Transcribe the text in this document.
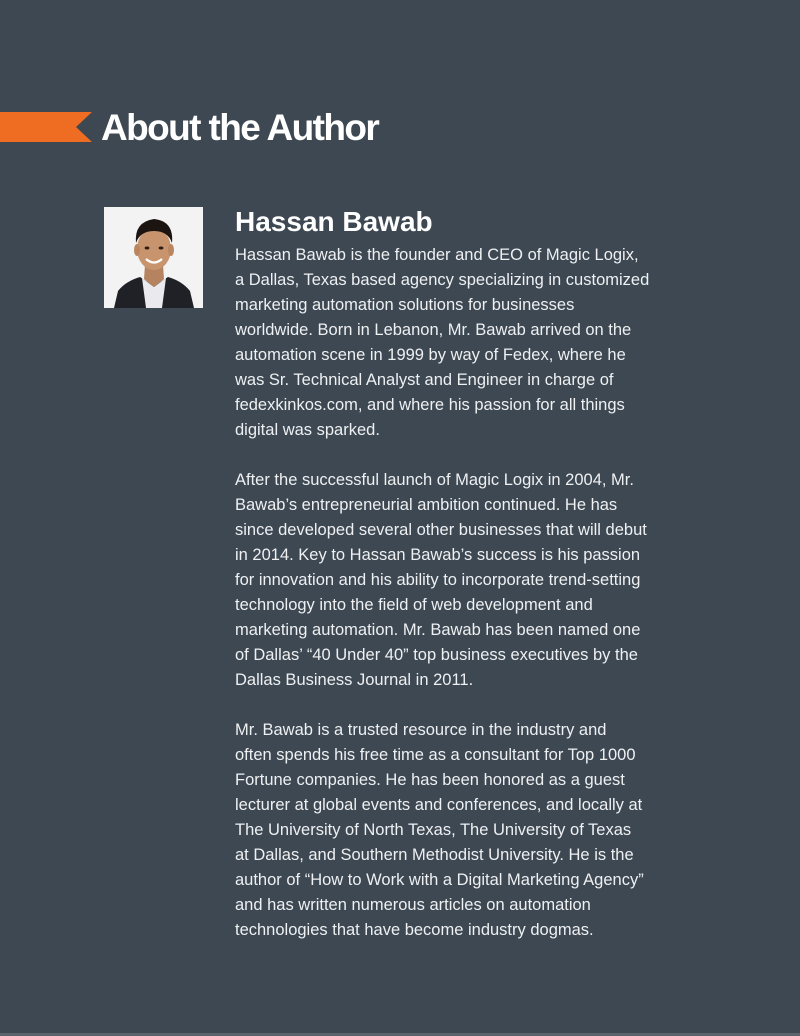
About the Author
Hassan Bawab

Hassan Bawab is the founder and CEO of Magic Logix,
a Dallas, Texas based agency specializing in customized
marketing automation solutions for businesses
worldwide. Born in Lebanon, Mr. Bawab arrived on the
automation scene in 1999 by way of Fedex, where he
was Sr. Technical Analyst and Engineer in charge of
fedexkinkos.com, and where his passion for all things
digital was sparked.

After the successful launch of Magic Logix in 2004, Mr.
Bawab’s entrepreneurial ambition continued. He has
since developed several other businesses that will debut
in 2014. Key to Hassan Bawab’s success is his passion
for innovation and his ability to incorporate trend-setting
technology into the field of web development and
marketing automation. Mr. Bawab has been named one
of Dallas’ “40 Under 40” top business executives by the
Dallas Business Journal in 2011.

Mr. Bawab is a trusted resource in the industry and
often spends his free time as a consultant for Top 1000
Fortune companies. He has been honored as a guest
lecturer at global events and conferences, and locally at
The University of North Texas, The University of Texas
at Dallas, and Southern Methodist University. He is the
author of “How to Work with a Digital Marketing Agency”
and has written numerous articles on automation
technologies that have become industry dogmas.
